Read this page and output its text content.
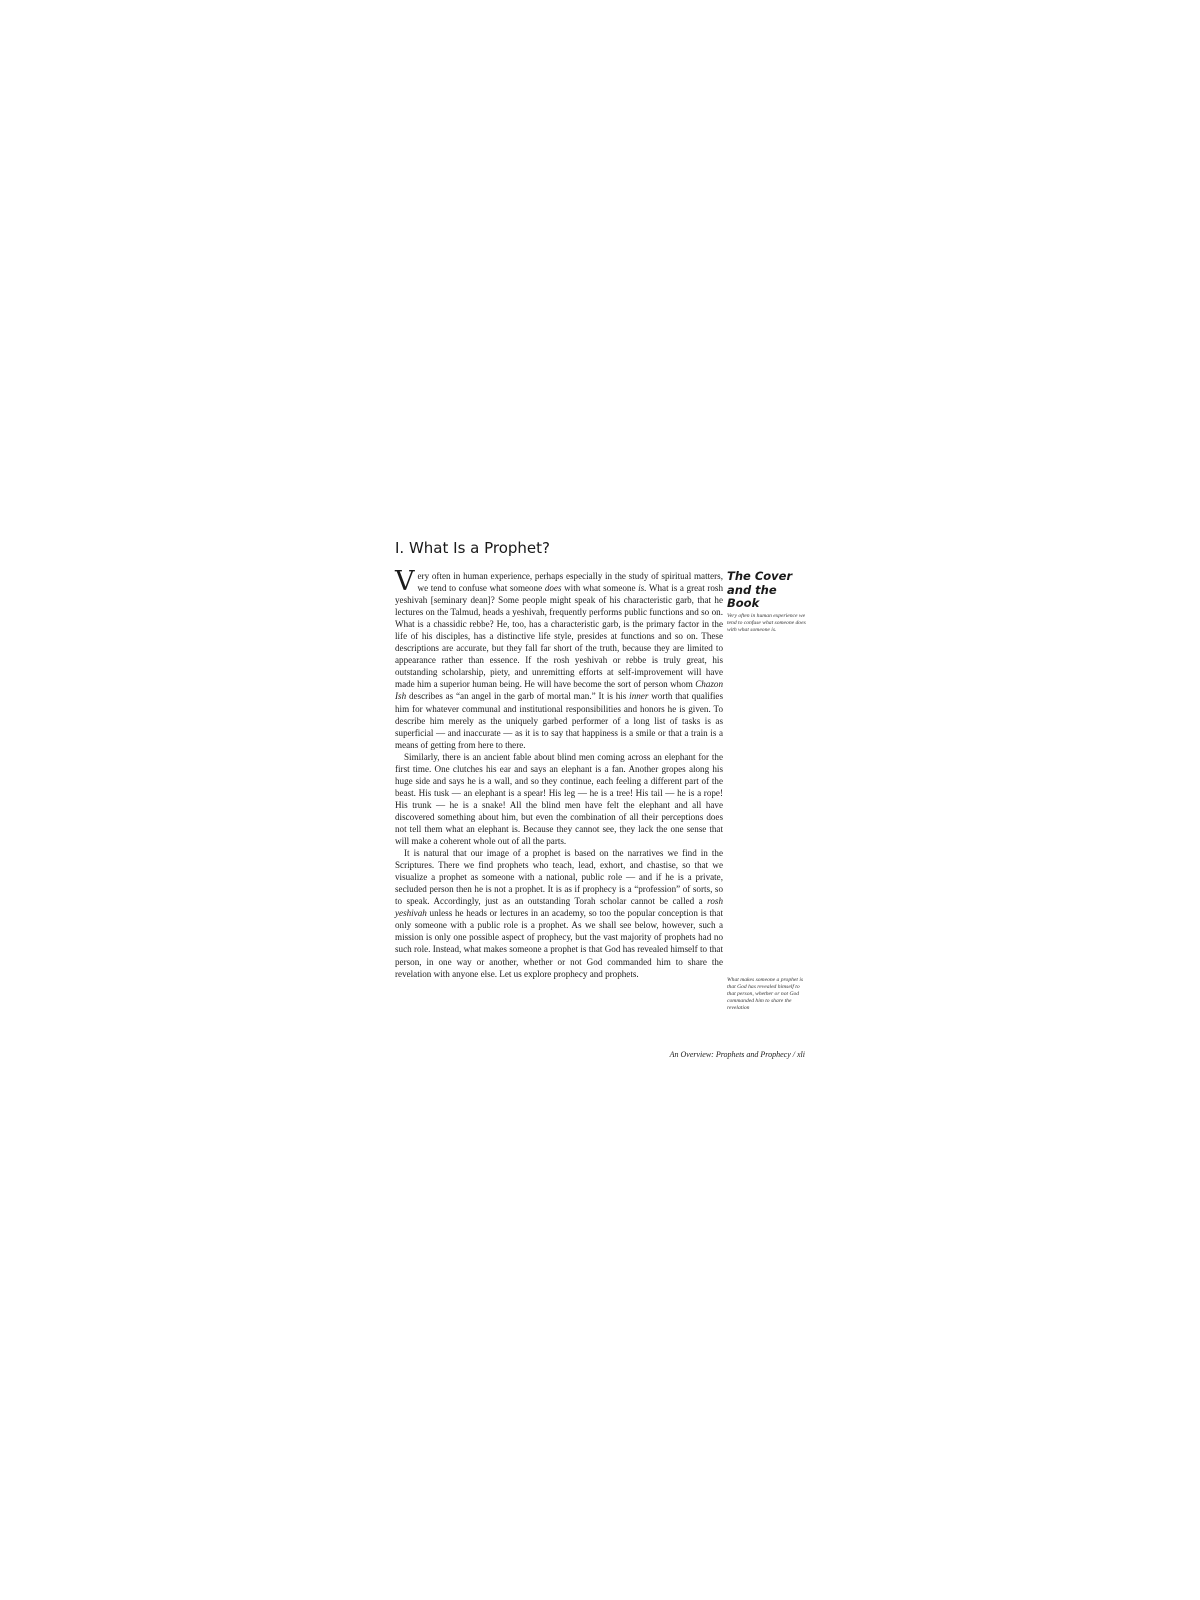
I. What Is a Prophet?

Very often in human experience, perhaps especially in the study of spiritual matters, we tend to confuse what someone does with what someone is. What is a great rosh yeshivah [seminary dean]? Some people might speak of his characteristic garb, that he lectures on the Talmud, heads a yeshivah, frequently performs public functions and so on. What is a chassidic rebbe? He, too, has a characteristic garb, is the primary factor in the life of his disciples, has a distinctive life style, presides at functions and so on. These descriptions are accurate, but they fall far short of the truth, because they are limited to appearance rather than essence. If the rosh yeshivah or rebbe is truly great, his outstanding scholarship, piety, and unremitting efforts at self-improvement will have made him a superior human being. He will have become the sort of person whom Chazon Ish describes as “an angel in the garb of mortal man.” It is his inner worth that qualifies him for whatever communal and institutional responsibilities and honors he is given. To describe him merely as the uniquely garbed performer of a long list of tasks is as superficial — and inaccurate — as it is to say that happiness is a smile or that a train is a means of getting from here to there.

Similarly, there is an ancient fable about blind men coming across an elephant for the first time. One clutches his ear and says an elephant is a fan. Another gropes along his huge side and says he is a wall, and so they continue, each feeling a different part of the beast. His tusk — an elephant is a spear! His leg — he is a tree! His tail — he is a rope! His trunk — he is a snake! All the blind men have felt the elephant and all have discovered something about him, but even the combination of all their perceptions does not tell them what an elephant is. Because they cannot see, they lack the one sense that will make a coherent whole out of all the parts.

It is natural that our image of a prophet is based on the narratives we find in the Scriptures. There we find prophets who teach, lead, exhort, and chastise, so that we visualize a prophet as someone with a national, public role — and if he is a private, secluded person then he is not a prophet. It is as if prophecy is a “profession” of sorts, so to speak. Accordingly, just as an outstanding Torah scholar cannot be called a rosh yeshivah unless he heads or lectures in an academy, so too the popular conception is that only someone with a public role is a prophet. As we shall see below, however, such a mission is only one possible aspect of prophecy, but the vast majority of prophets had no such role. Instead, what makes someone a prophet is that God has revealed himself to that person, in one way or another, whether or not God commanded him to share the revelation with anyone else. Let us explore prophecy and prophets.

The Cover and the Book
Very often in human experience we tend to confuse what someone does with what someone is.
What makes someone a prophet is that God has revealed himself to that person, whether or not God commanded him to share the revelation
An Overview: Prophets and Prophecy / xli
